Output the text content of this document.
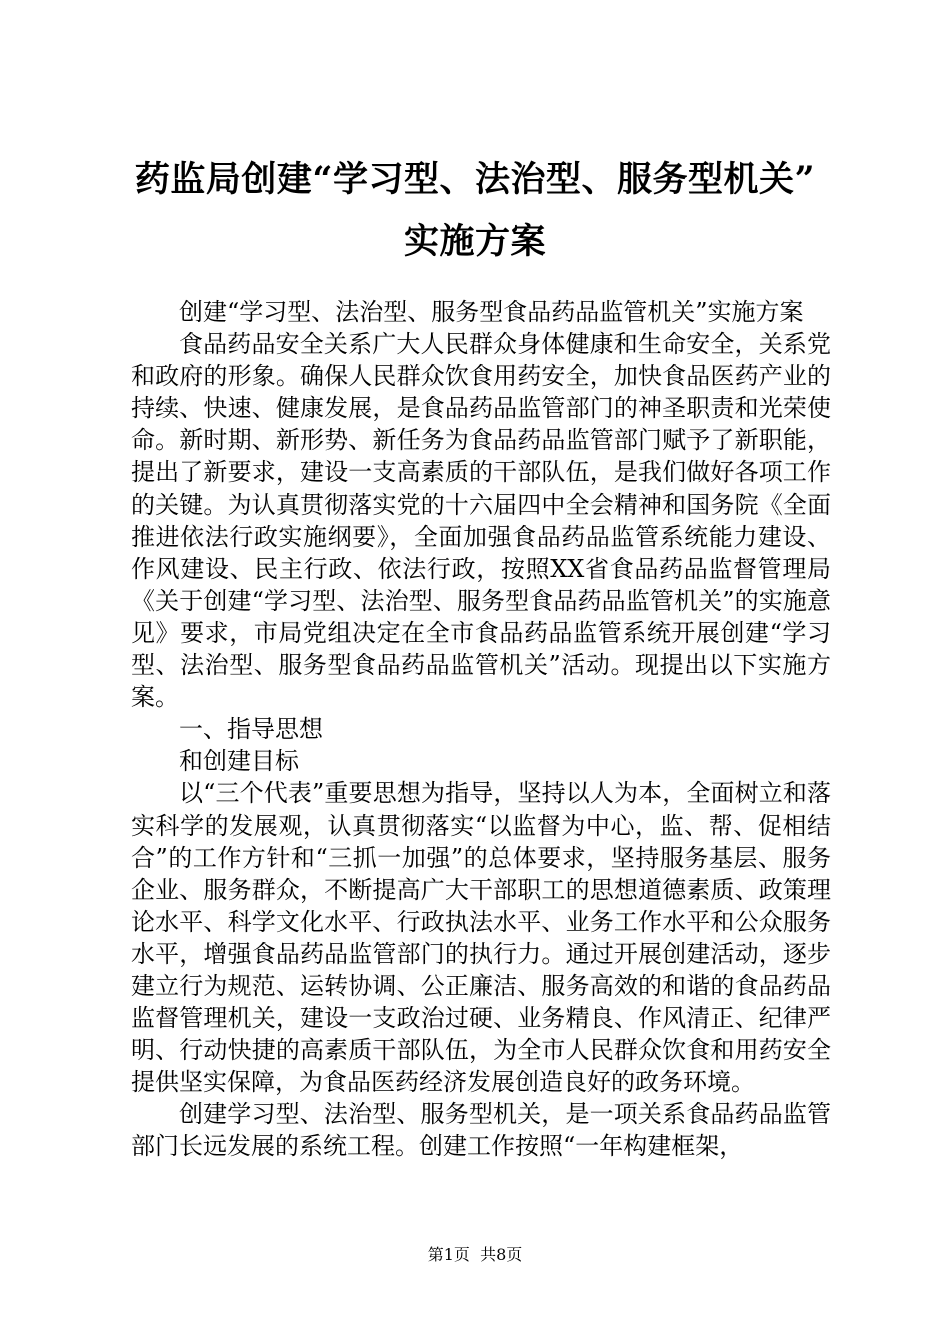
药监局创建“学习型、法治型、服务型机关”
实施方案

创建“学习型、法治型、服务型食品药品监管机关”实施方案

食品药品安全关系广大人民群众身体健康和生命安全，关系党和政府的形象。确保人民群众饮食用药安全，加快食品医药产业的持续、快速、健康发展，是食品药品监管部门的神圣职责和光荣使命。新时期、新形势、新任务为食品药品监管部门赋予了新职能，提出了新要求，建设一支高素质的干部队伍，是我们做好各项工作的关键。为认真贯彻落实党的十六届四中全会精神和国务院《全面推进依法行政实施纲要》，全面加强食品药品监管系统能力建设、作风建设、民主行政、依法行政，按照XX省食品药品监督管理局《关于创建“学习型、法治型、服务型食品药品监管机关”的实施意见》要求，市局党组决定在全市食品药品监管系统开展创建“学习型、法治型、服务型食品药品监管机关”活动。现提出以下实施方案。

一、指导思想

和创建目标

以“三个代表”重要思想为指导，坚持以人为本，全面树立和落实科学的发展观，认真贯彻落实“以监督为中心，监、帮、促相结合”的工作方针和“三抓一加强”的总体要求，坚持服务基层、服务企业、服务群众，不断提高广大干部职工的思想道德素质、政策理论水平、科学文化水平、行政执法水平、业务工作水平和公众服务水平，增强食品药品监管部门的执行力。通过开展创建活动，逐步建立行为规范、运转协调、公正廉洁、服务高效的和谐的食品药品监督管理机关，建设一支政治过硬、业务精良、作风清正、纪律严明、行动快捷的高素质干部队伍，为全市人民群众饮食和用药安全提供坚实保障，为食品医药经济发展创造良好的政务环境。

创建学习型、法治型、服务型机关，是一项关系食品药品监管部门长远发展的系统工程。创建工作按照“一年构建框架，

第1页  共8页
